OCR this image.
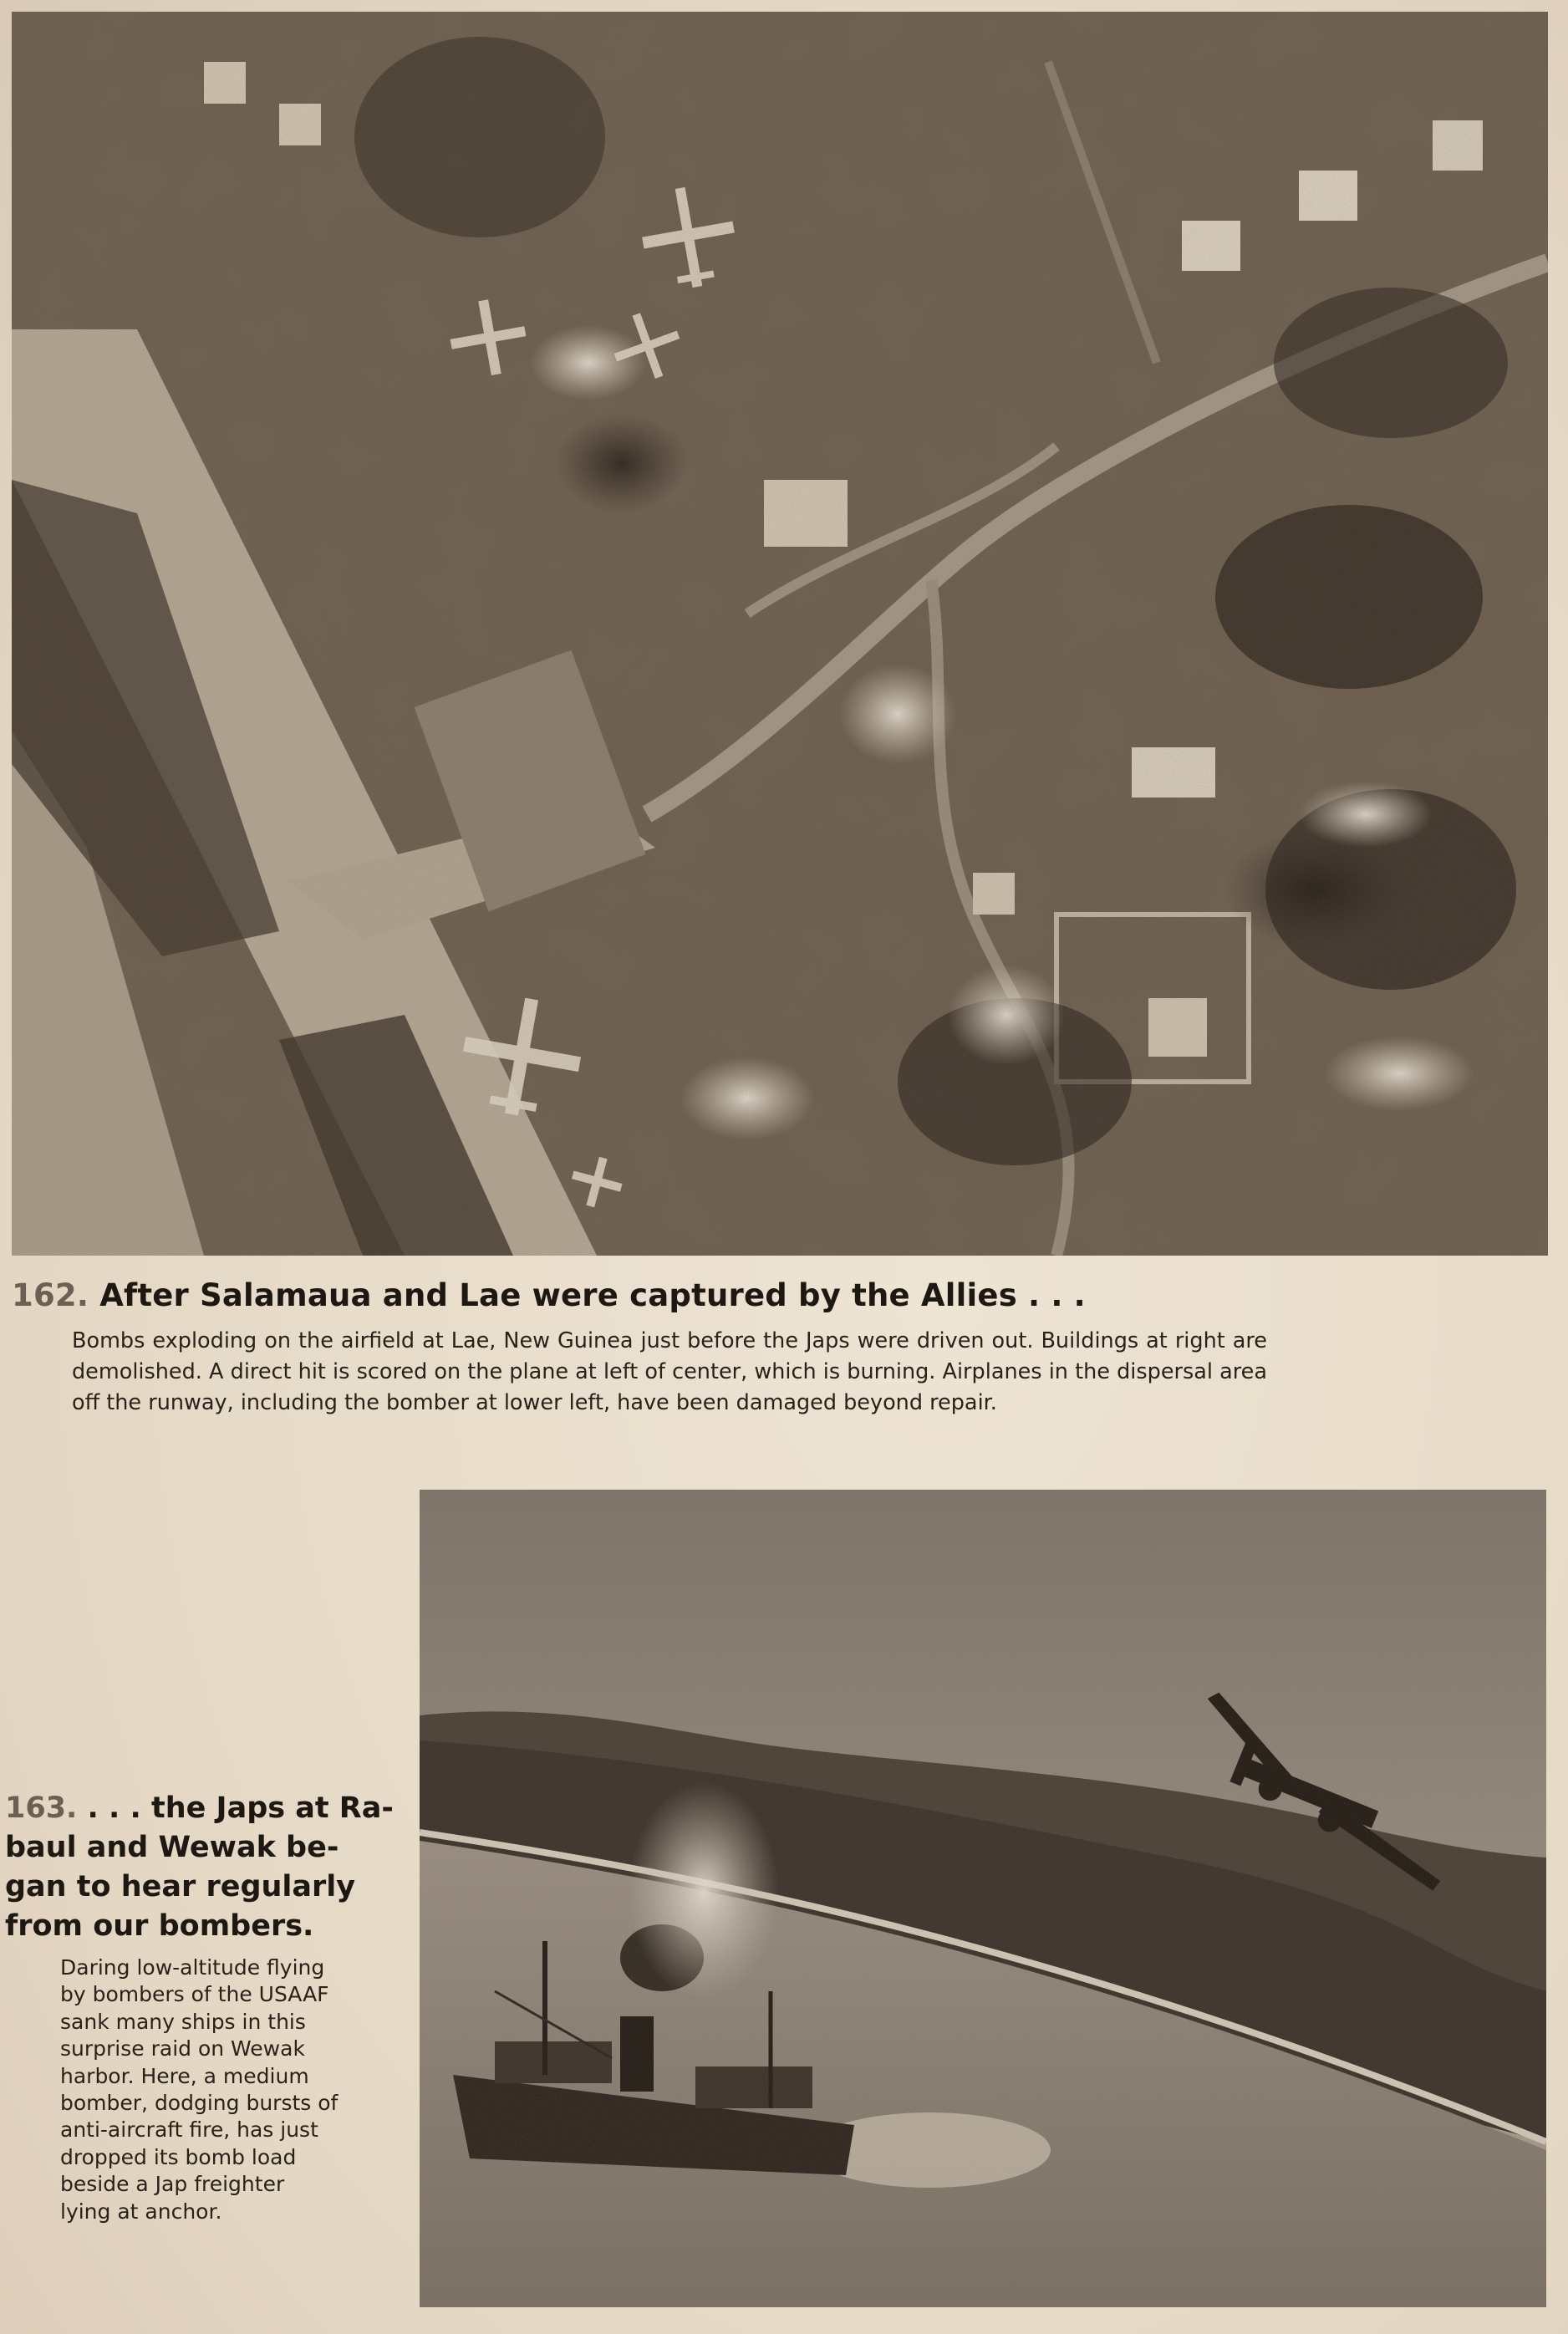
162. After Salamaua and Lae were captured by the Allies . . .

Bombs exploding on the airfield at Lae, New Guinea just before the Japs were driven out. Buildings at right are demolished. A direct hit is scored on the plane at left of center, which is burning. Airplanes in the dispersal area off the runway, including the bomber at lower left, have been damaged beyond repair.

163. . . . the Japs at Ra-
baul and Wewak be-
gan to hear regularly
from our bombers.
Daring low-altitude flying
by bombers of the USAAF
sank many ships in this
surprise raid on Wewak
harbor. Here, a medium
bomber, dodging bursts of
anti-aircraft fire, has just
dropped its bomb load
beside a Jap freighter
lying at anchor.
